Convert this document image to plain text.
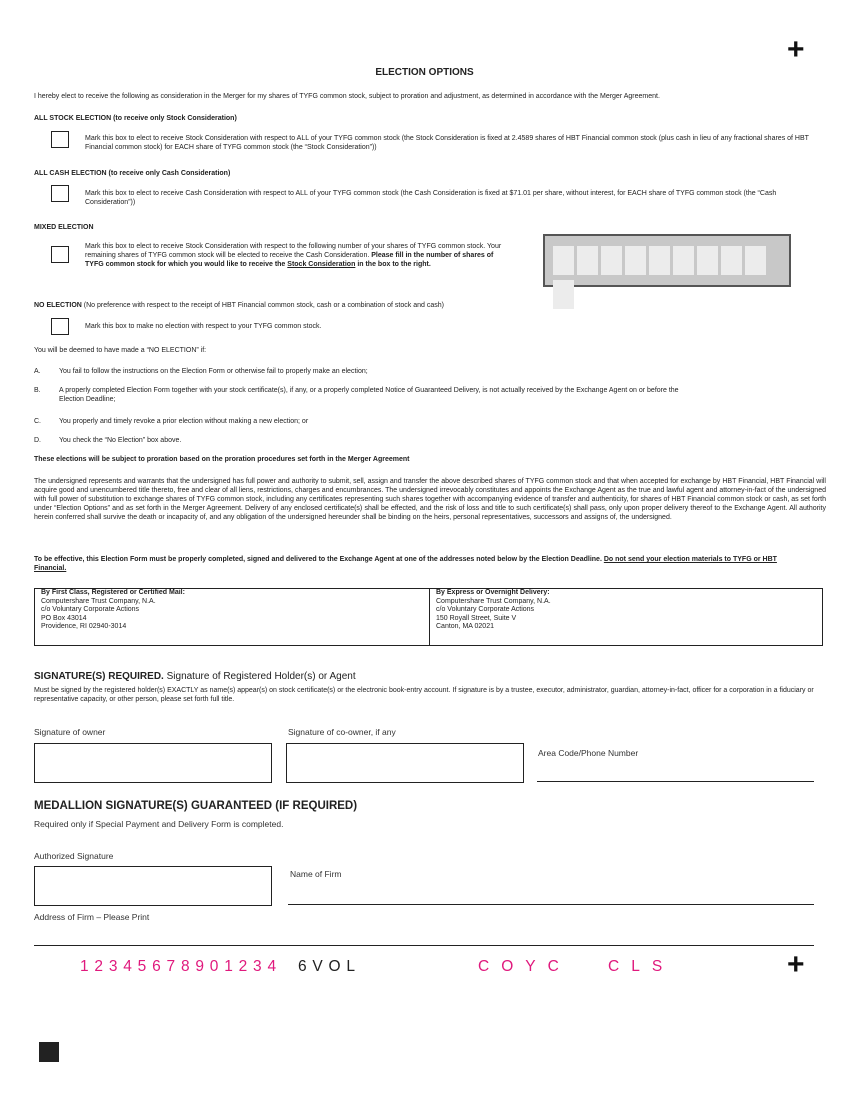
+
ELECTION OPTIONS
I hereby elect to receive the following as consideration in the Merger for my shares of TYFG common stock, subject to proration and adjustment, as determined in accordance with the Merger Agreement.
ALL STOCK ELECTION (to receive only Stock Consideration)
Mark this box to elect to receive Stock Consideration with respect to ALL of your TYFG common stock (the Stock Consideration is fixed at 2.4589 shares of HBT Financial common stock (plus cash in lieu of any fractional shares of HBT Financial common stock) for EACH share of TYFG common stock (the “Stock Consideration”))
ALL CASH ELECTION (to receive only Cash Consideration)
Mark this box to elect to receive Cash Consideration with respect to ALL of your TYFG common stock (the Cash Consideration is fixed at $71.01 per share, without interest, for EACH share of TYFG common stock (the “Cash Consideration”))
MIXED ELECTION
Mark this box to elect to receive Stock Consideration with respect to the following number of your shares of TYFG common stock. Your remaining shares of TYFG common stock will be elected to receive the Cash Consideration. Please fill in the number of shares of TYFG common stock for which you would like to receive the Stock Consideration in the box to the right.
NO ELECTION (No preference with respect to the receipt of HBT Financial common stock, cash or a combination of stock and cash)
Mark this box to make no election with respect to your TYFG common stock.
You will be deemed to have made a “NO ELECTION” if:
A.	You fail to follow the instructions on the Election Form or otherwise fail to properly make an election;
B.	A properly completed Election Form together with your stock certificate(s), if any, or a properly completed Notice of Guaranteed Delivery, is not actually received by the Exchange Agent on or before the Election Deadline;
C.	You properly and timely revoke a prior election without making a new election; or
D.	You check the “No Election” box above.
These elections will be subject to proration based on the proration procedures set forth in the Merger Agreement
The undersigned represents and warrants that the undersigned has full power and authority to submit, sell, assign and transfer the above described shares of TYFG common stock and that when accepted for exchange by HBT Financial, HBT Financial will acquire good and unencumbered title thereto, free and clear of all liens, restrictions, charges and encumbrances. The undersigned irrevocably constitutes and appoints the Exchange Agent as the true and lawful agent and attorney-in-fact of the undersigned with full power of substitution to exchange shares of TYFG common stock, including any certificates representing such shares together with accompanying evidence of transfer and authenticity, for shares of HBT Financial common stock or cash, as set forth under “Election Options” and as set forth in the Merger Agreement. Delivery of any enclosed certificate(s) shall be effected, and the risk of loss and title to such certificate(s) shall pass, only upon proper delivery thereof to the Exchange Agent. All authority herein conferred shall survive the death or incapacity of, and any obligation of the undersigned hereunder shall be binding on the heirs, personal representatives, successors and assigns of, the undersigned.
To be effective, this Election Form must be properly completed, signed and delivered to the Exchange Agent at one of the addresses noted below by the Election Deadline. Do not send your election materials to TYFG or HBT Financial.
By First Class, Registered or Certified Mail:
Computershare Trust Company, N.A.
c/o Voluntary Corporate Actions
PO Box 43014
Providence, RI 02940-3014
By Express or Overnight Delivery:
Computershare Trust Company, N.A.
c/o Voluntary Corporate Actions
150 Royall Street, Suite V
Canton, MA 02021
SIGNATURE(S) REQUIRED. Signature of Registered Holder(s) or Agent
Must be signed by the registered holder(s) EXACTLY as name(s) appear(s) on stock certificate(s) or the electronic book-entry account. If signature is by a trustee, executor, administrator, guardian, attorney-in-fact, officer for a corporation in a fiduciary or representative capacity, or other person, please set forth full title.
Signature of owner	Signature of co-owner, if any
Area Code/Phone Number
MEDALLION SIGNATURE(S) GUARANTEED (IF REQUIRED)
Required only if Special Payment and Delivery Form is completed.
Authorized Signature
Name of Firm
Address of Firm – Please Print
12345678901234 6VOL	COYC CLS	+
